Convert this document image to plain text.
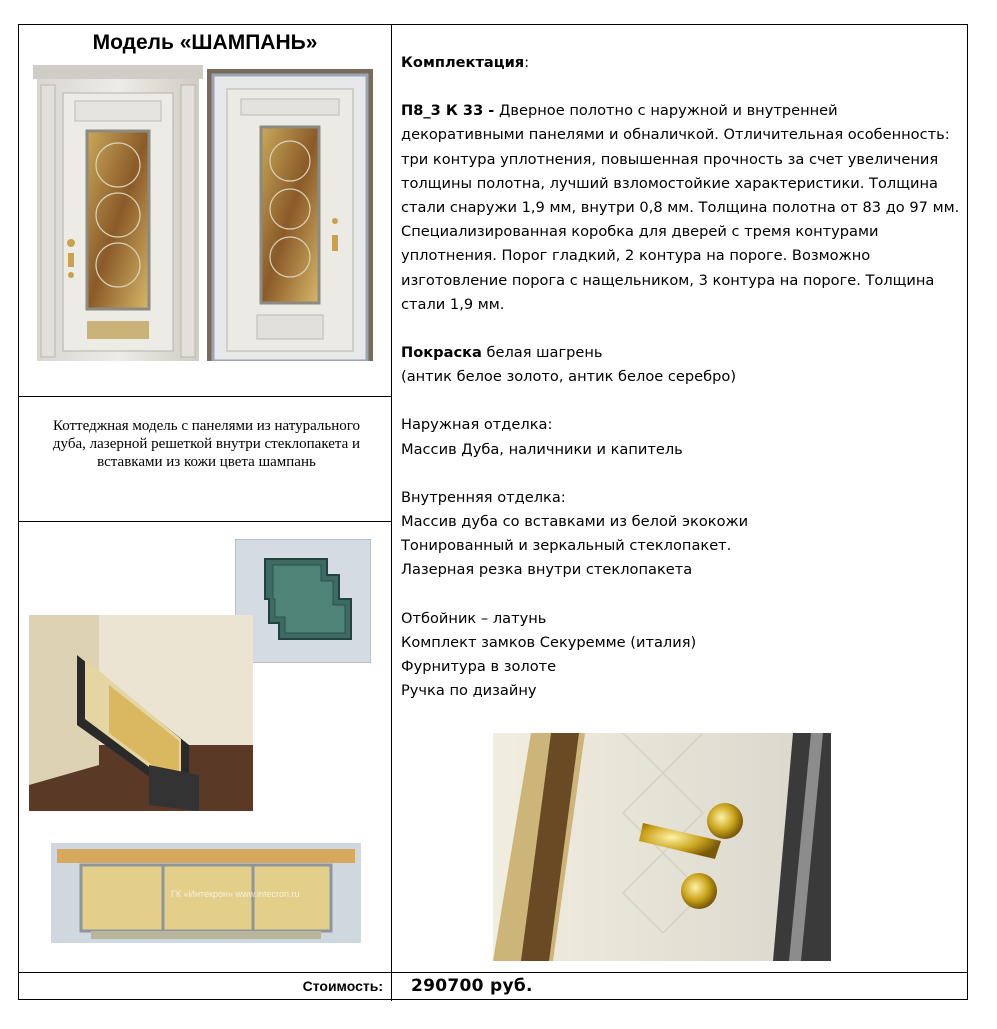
Модель «ШАМПАНЬ»
Коттеджная модель с панелями из натурального дуба, лазерной решеткой внутри стеклопакета и вставками из кожи цвета шампань
ГК «Интекрон» www.intecron.ru

Комплектация:

П8_3 К 33 - Дверное полотно с наружной и внутренней декоративными панелями и обналичкой. Отличительная особенность: три контура уплотнения, повышенная прочность за счет увеличения толщины полотна, лучший взломостойкие характеристики. Толщина стали снаружи 1,9 мм, внутри 0,8 мм. Толщина полотна от 83 до 97 мм.

Специализированная коробка для дверей с тремя контурами уплотнения. Порог гладкий, 2 контура на пороге. Возможно изготовление порога с нащельником, 3 контура на пороге. Толщина стали 1,9 мм.

Покраска белая шагрень

(антик белое золото, антик белое серебро)

Наружная отделка:

Массив Дуба, наличники и капитель

Внутренняя отделка:

Массив дуба со вставками из белой экокожи

Тонированный и зеркальный стеклопакет.

Лазерная резка внутри стеклопакета

Отбойник – латунь

Комплект замков Секуремме (италия)

Фурнитура в золоте

Ручка по дизайну

Стоимость: 290700 руб.
